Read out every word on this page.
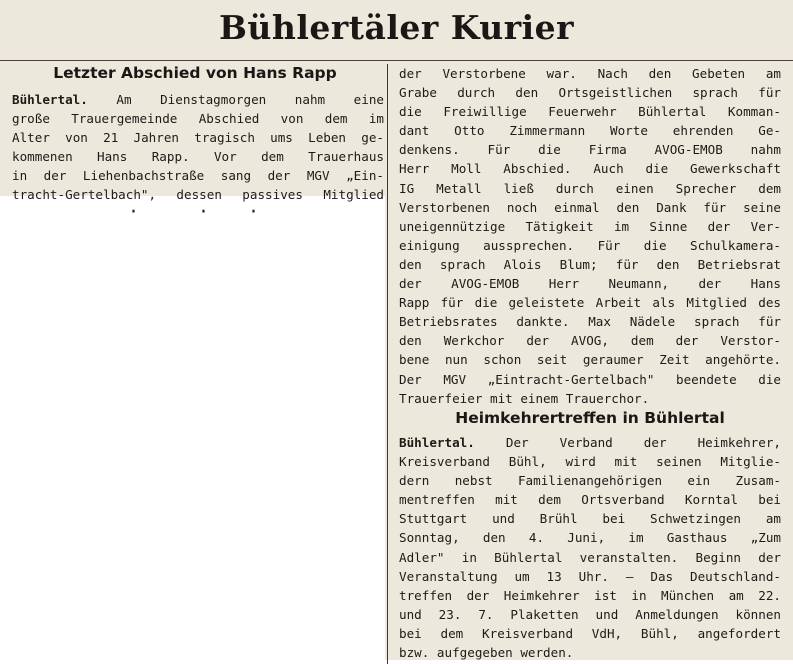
Bühlertäler Kurier
Letzter Abschied von Hans Rapp
Bühlertal. Am Dienstagmorgen nahm eine
große Trauergemeinde Abschied von dem im
Alter von 21 Jahren tragisch ums Leben ge-
kommenen Hans Rapp. Vor dem Trauerhaus
in der Liehenbachstraße sang der MGV „Ein-
tracht-Gertelbach", dessen passives Mitglied
·	· ·
der Verstorbene war. Nach den Gebeten am
Grabe durch den Ortsgeistlichen sprach für
die Freiwillige Feuerwehr Bühlertal Komman-
dant Otto Zimmermann Worte ehrenden Ge-
denkens. Für die Firma AVOG-EMOB nahm
Herr Moll Abschied. Auch die Gewerkschaft
IG Metall ließ durch einen Sprecher dem
Verstorbenen noch einmal den Dank für seine
uneigennützige Tätigkeit im Sinne der Ver-
einigung aussprechen. Für die Schulkamera-
den sprach Alois Blum; für den Betriebsrat
der AVOG-EMOB Herr Neumann, der Hans
Rapp für die geleistete Arbeit als Mitglied des
Betriebsrates dankte. Max Nädele sprach für
den Werkchor der AVOG, dem der Verstor-
bene nun schon seit geraumer Zeit angehörte.
Der MGV „Eintracht-Gertelbach" beendete die
Trauerfeier mit einem Trauerchor.
Heimkehrertreffen in Bühlertal
Bühlertal. Der Verband der Heimkehrer,
Kreisverband Bühl, wird mit seinen Mitglie-
dern nebst Familienangehörigen ein Zusam-
mentreffen mit dem Ortsverband Korntal bei
Stuttgart und Brühl bei Schwetzingen am
Sonntag, den 4. Juni, im Gasthaus „Zum
Adler" in Bühlertal veranstalten. Beginn der
Veranstaltung um 13 Uhr. — Das Deutschland-
treffen der Heimkehrer ist in München am 22.
und 23. 7. Plaketten und Anmeldungen können
bei dem Kreisverband VdH, Bühl, angefordert
bzw. aufgegeben werden.
